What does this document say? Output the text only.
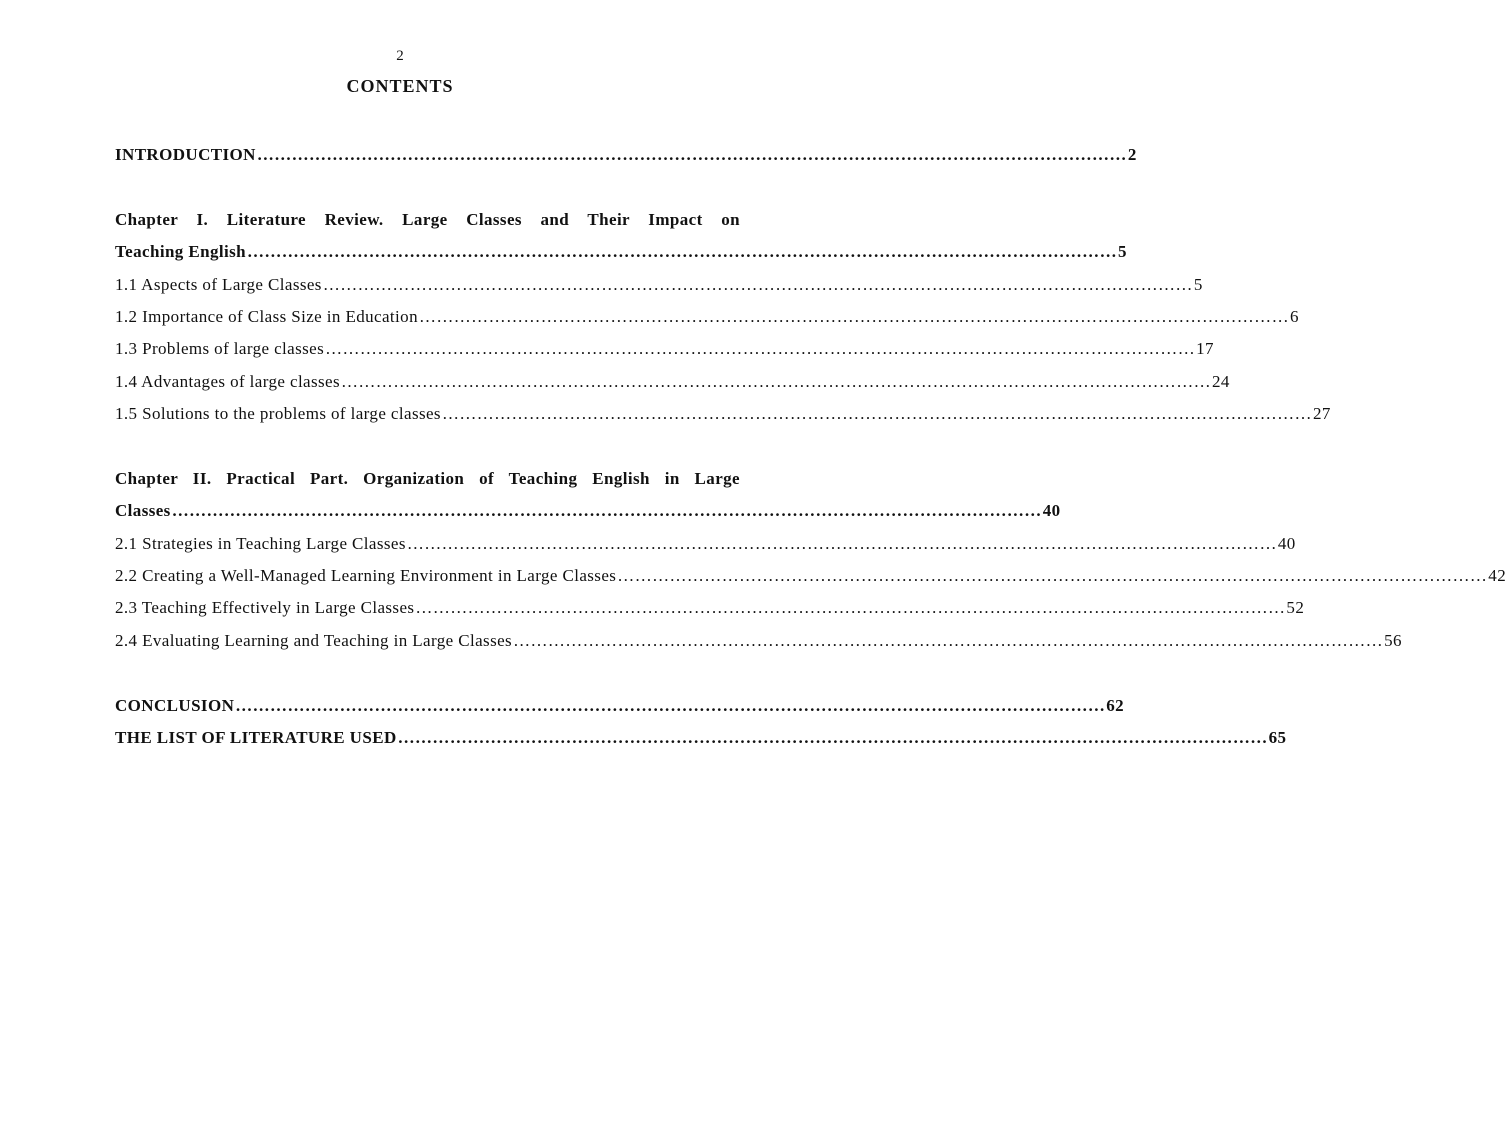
2
CONTENTS
INTRODUCTION …………………………………………………………………………………………………………………………………… 2
Chapter I. Literature Review. Large Classes and Their Impact on
Teaching English …………………………………………………………………………………………………………………………………… 5
1.1 Aspects of Large Classes …………………………………………………………………………………………………………………………………… 5
1.2 Importance of Class Size in Education …………………………………………………………………………………………………………………………………… 6
1.3 Problems of large classes …………………………………………………………………………………………………………………………………… 17
1.4 Advantages of large classes …………………………………………………………………………………………………………………………………… 24
1.5 Solutions to the problems of large classes …………………………………………………………………………………………………………………………………… 27
Chapter II. Practical Part. Organization of Teaching English in Large
Classes …………………………………………………………………………………………………………………………………… 40
2.1 Strategies in Teaching Large Classes …………………………………………………………………………………………………………………………………… 40
2.2 Creating a Well-Managed Learning Environment in Large Classes …………………………………………………………………………………………………………………………………… 42
2.3 Teaching Effectively in Large Classes …………………………………………………………………………………………………………………………………… 52
2.4 Evaluating Learning and Teaching in Large Classes …………………………………………………………………………………………………………………………………… 56
CONCLUSION …………………………………………………………………………………………………………………………………… 62
THE LIST OF LITERATURE USED …………………………………………………………………………………………………………………………………… 65
